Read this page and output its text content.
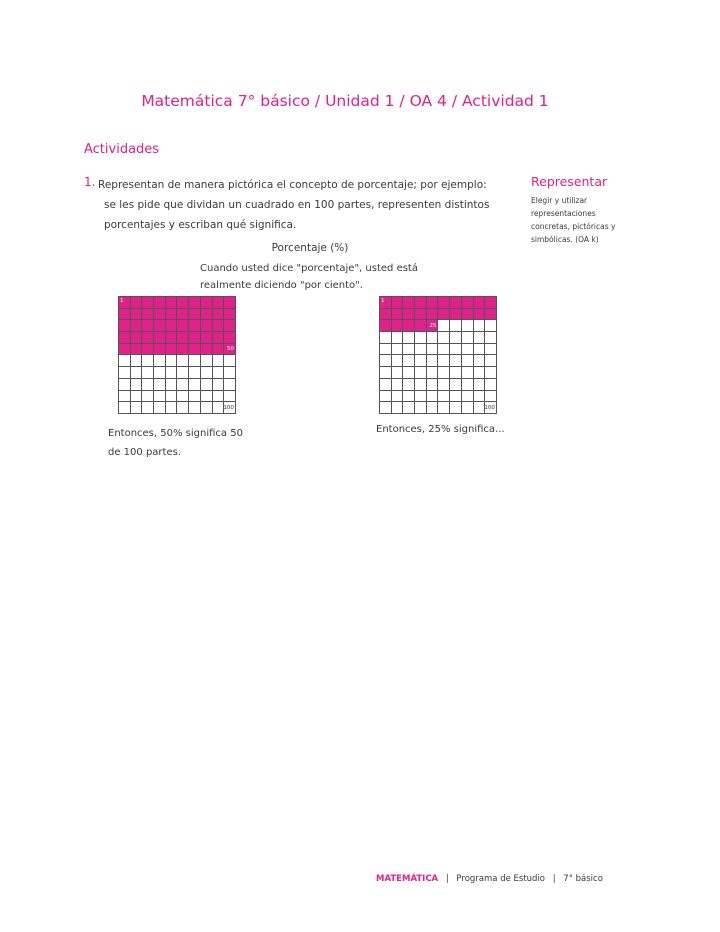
Matemática 7° básico / Unidad 1 / OA 4 / Actividad 1
Actividades
1. Representan de manera pictórica el concepto de porcentaje; por ejemplo:
se les pide que dividan un cuadrado en 100 partes, representen distintos
porcentajes y escriban qué significa.
Representar
Elegir y utilizar
representaciones
concretas, pictóricas y
simbólicas. (OA k)
Porcentaje (%)
Cuando usted dice "porcentaje", usted está
realmente diciendo "por ciento".
1
50
100
1
25
100
Entonces, 50% significa 50
de 100 partes.
Entonces, 25% significa...
MATEMÁTICA | Programa de Estudio | 7° básico
